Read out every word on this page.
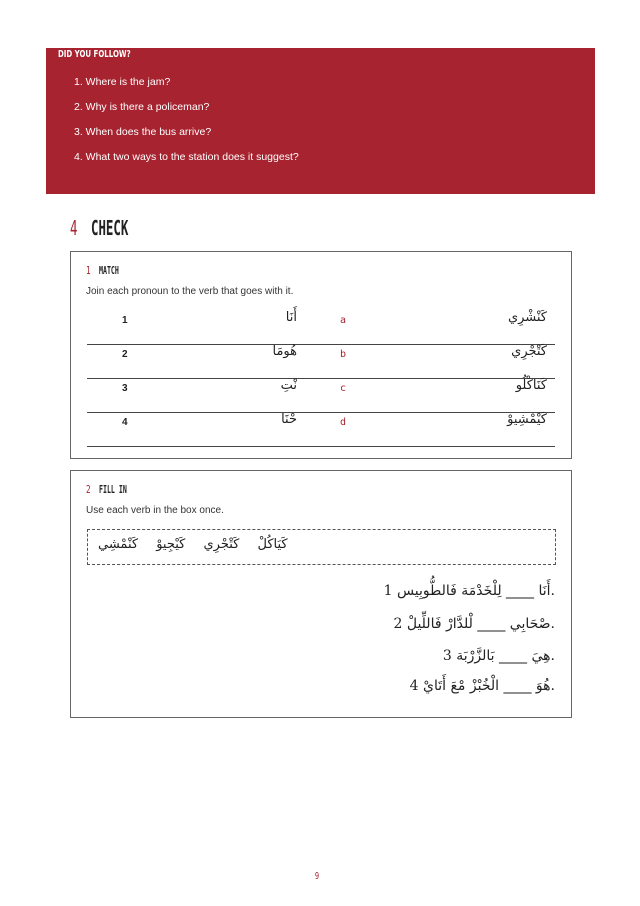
DID YOU FOLLOW?
1. Where is the jam?
2. Why is there a policeman?
3. When does the bus arrive?
4. What two ways to the station does it suggest?
4 CHECK
1 MATCH
Join each pronoun to the verb that goes with it.
1	أَنَا	a	كَنْشْرِي
2	هُومَا	b	كَتْجْرِي
3	نْتِ	c	كَنَاكْلُو
4	حْنَا	d	كَيْمْشِيوْ
2 FILL IN
Use each verb in the box once.
كَيَاكُلْ كَتْجْرِي كَيْجِيوْ كَنْمْشِي
أَنَا ____ لِلْخَدْمَة فَالطُّوبِيس 1.
صْحَابِي ____ لْلدَّارْ فَاللِّيلْ 2.
هِيَ ____ بَالزَّرْبَة 3.
هُوَ ____ الْخُبْزْ مْعَ أَتَايْ 4.
9
